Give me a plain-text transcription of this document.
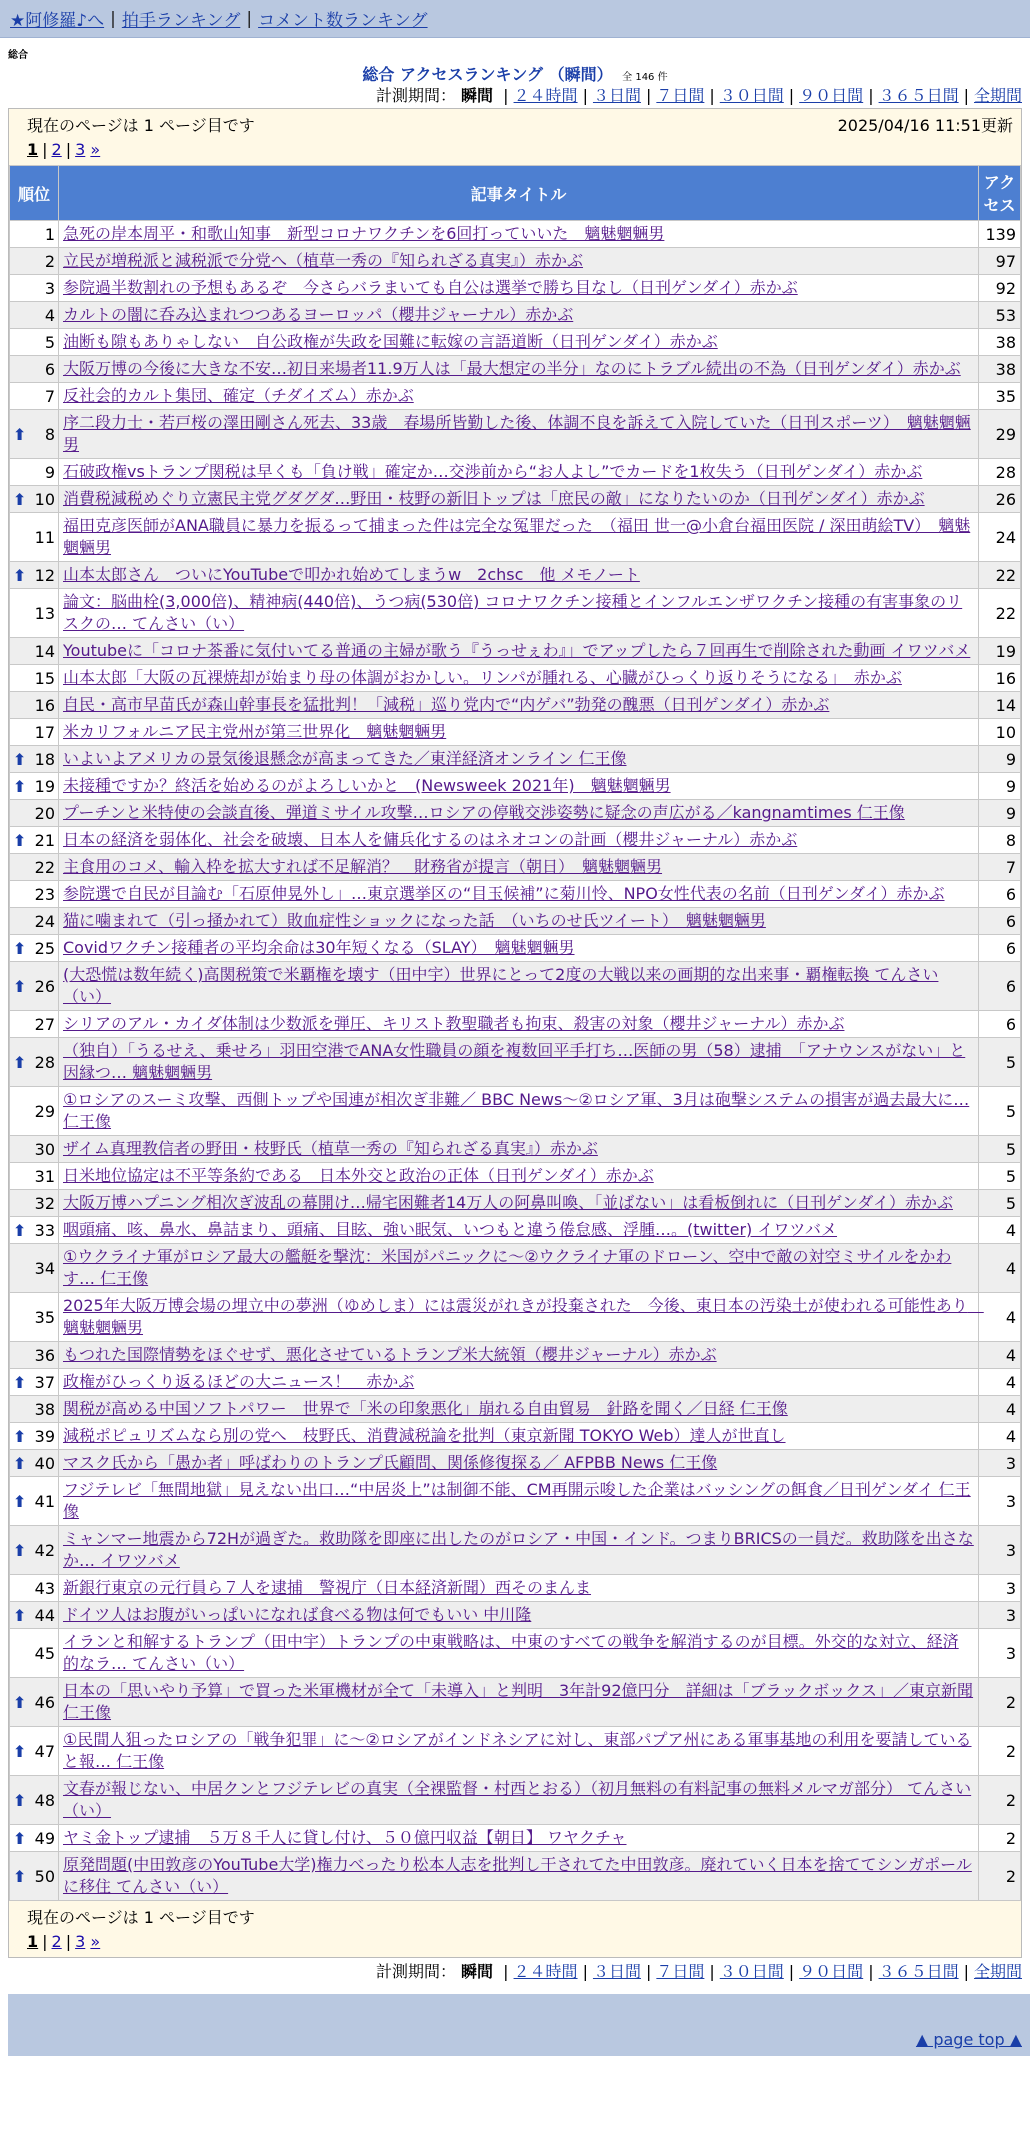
★阿修羅♪へ | 拍手ランキング | コメント数ランキング
総合
総合 アクセスランキング （瞬間） 全 146 件
計測期間： 瞬間 | ２４時間 | ３日間 | ７日間 | ３０日間 | ９０日間 | ３６５日間 | 全期間
現在のページは 1 ページ目です	2025/04/16 11:51更新
1 | 2 | 3 »
順位	記事タイトル	アクセス
1	急死の岸本周平・和歌山知事　新型コロナワクチンを6回打っていいた　魑魅魍魎男	139
2	立民が増税派と減税派で分党へ（植草一秀の『知られざる真実』）赤かぶ	97
3	参院過半数割れの予想もあるぞ　今さらバラまいても自公は選挙で勝ち目なし（日刊ゲンダイ）赤かぶ	92
4	カルトの闇に呑み込まれつつあるヨーロッパ（櫻井ジャーナル）赤かぶ	53
5	油断も隙もありゃしない　自公政権が失政を国難に転嫁の言語道断（日刊ゲンダイ）赤かぶ	38
6	大阪万博の今後に大きな不安…初日来場者11.9万人は「最大想定の半分」なのにトラブル続出の不為（日刊ゲンダイ）赤かぶ	38
7	反社会的カルト集団、確定（チダイズム）赤かぶ	35

⬆ 8	序二段力士・若戸桜の澤田剛さん死去、33歳　春場所皆勤した後、体調不良を訴えて入院していた（日刊スポーツ）　魑魅魍魎男	29
9	石破政権vsトランプ関税は早くも「負け戦」確定か…交渉前から“お人よし”でカードを1枚失う（日刊ゲンダイ）赤かぶ	28

⬆ 10	消費税減税めぐり立憲民主党グダグダ…野田・枝野の新旧トップは「庶民の敵」になりたいのか（日刊ゲンダイ）赤かぶ	26
11	福田克彦医師がANA職員に暴力を振るって捕まった件は完全な冤罪だった　（福田 世一@小倉台福田医院 / 深田萌絵TV）　魑魅魍魎男	24

⬆ 12	山本太郎さん　ついにYouTubeで叩かれ始めてしまうw　2chsc　他 メモノート	22
13	論文：脳曲栓(3,000倍)、精神病(440倍)、うつ病(530倍) コロナワクチン接種とインフルエンザワクチン接種の有害事象のリスクの… てんさい（い）	22
14	Youtubeに「コロナ茶番に気付いてる普通の主婦が歌う『うっせぇわ』」でアップしたら７回再生で削除された動画 イワツバメ	19
15	山本太郎「大阪の瓦裸焼却が始まり母の体調がおかしい。リンパが腫れる、心臓がひっくり返りそうになる」　赤かぶ	16
16	自民・高市早苗氏が森山幹事長を猛批判！「減税」巡り党内で“内ゲバ”勃発の醜悪（日刊ゲンダイ）赤かぶ	14
17	米カリフォルニア民主党州が第三世界化　魑魅魍魎男	10

⬆ 18	いよいよアメリカの景気後退懸念が高まってきた／東洋経済オンライン 仁王像	9

⬆ 19	未接種ですか？終活を始めるのがよろしいかと　(Newsweek 2021年)　魑魅魍魎男	9
20	プーチンと米特使の会談直後、弾道ミサイル攻撃…ロシアの停戦交渉姿勢に疑念の声広がる／kangnamtimes 仁王像	9

⬆ 21	日本の経済を弱体化、社会を破壊、日本人を傭兵化するのはネオコンの計画（櫻井ジャーナル）赤かぶ	8
22	主食用のコメ、輸入枠を拡大すれば不足解消？　財務省が提言（朝日）　魑魅魍魎男	7
23	参院選で自民が目論む「石原伸晃外し」…東京選挙区の“目玉候補”に菊川怜、NPO女性代表の名前（日刊ゲンダイ）赤かぶ	6
24	猫に噛まれて（引っ掻かれて）敗血症性ショックになった話　（いちのせ氏ツイート）　魑魅魍魎男	6

⬆ 25	Covidワクチン接種者の平均余命は30年短くなる（SLAY）　魑魅魍魎男	6

⬆ 26	(大恐慌は数年続く)高関税策で米覇権を壊す（田中宇）世界にとって2度の大戦以来の画期的な出来事・覇権転換 てんさい（い）	6
27	シリアのアル・カイダ体制は少数派を弾圧、キリスト教聖職者も拘束、殺害の対象（櫻井ジャーナル）赤かぶ	6

⬆ 28	（独自）「うるせえ、乗せろ」羽田空港でANA女性職員の顔を複数回平手打ち…医師の男（58）逮捕　「アナウンスがない」と因縁つ… 魑魅魍魎男	5
29	①ロシアのスーミ攻撃、西側トップや国連が相次ぎ非難／ BBC News〜②ロシア軍、3月は砲撃システムの損害が過去最大に… 仁王像	5
30	ザイム真理教信者の野田・枝野氏（植草一秀の『知られざる真実』）赤かぶ	5
31	日米地位協定は不平等条約である　日本外交と政治の正体（日刊ゲンダイ）赤かぶ	5
32	大阪万博ハプニング相次ぎ波乱の幕開け…帰宅困難者14万人の阿鼻叫喚、「並ばない」は看板倒れに（日刊ゲンダイ）赤かぶ	5

⬆ 33	咽頭痛、咳、鼻水、鼻詰まり、頭痛、目眩、強い眠気、いつもと違う倦怠感、浮腫…。(twitter) イワツバメ	4
34	①ウクライナ軍がロシア最大の艦艇を撃沈：米国がパニックに〜②ウクライナ軍のドローン、空中で敵の対空ミサイルをかわす… 仁王像	4
35	2025年大阪万博会場の埋立中の夢洲（ゆめしま）には震災がれきが投棄された　今後、東日本の汚染土が使われる可能性あり　魑魅魍魎男	4
36	もつれた国際情勢をほぐせず、悪化させているトランプ米大統領（櫻井ジャーナル）赤かぶ	4

⬆ 37	政権がひっくり返るほどの大ニュース！　赤かぶ	4
38	関税が高める中国ソフトパワー　世界で「米の印象悪化」崩れる自由貿易　針路を聞く／日経 仁王像	4

⬆ 39	減税ポピュリズムなら別の党へ　枝野氏、消費減税論を批判（東京新聞 TOKYO Web）達人が世直し	4

⬆ 40	マスク氏から「愚か者」呼ばわりのトランプ氏顧問、関係修復探る／ AFPBB News 仁王像	3

⬆ 41	フジテレビ「無間地獄」見えない出口…“中居炎上”は制御不能、CM再開示唆した企業はバッシングの餌食／日刊ゲンダイ 仁王像	3

⬆ 42	ミャンマー地震から72Hが過ぎた。救助隊を即座に出したのがロシア・中国・インド。つまりBRICSの一員だ。救助隊を出さなか… イワツバメ	3
43	新銀行東京の元行員ら７人を逮捕　警視庁（日本経済新聞）西そのまんま	3

⬆ 44	ドイツ人はお腹がいっぱいになれば食べる物は何でもいい 中川隆	3
45	イランと和解するトランプ（田中宇）トランプの中東戦略は、中東のすべての戦争を解消するのが目標。外交的な対立、経済的なラ… てんさい（い）	3

⬆ 46	日本の「思いやり予算」で買った米軍機材が全て「未導入」と判明　3年計92億円分　詳細は「ブラックボックス」／東京新聞 仁王像	2

⬆ 47	①民間人狙ったロシアの「戦争犯罪」に〜②ロシアがインドネシアに対し、東部パプア州にある軍事基地の利用を要請していると報… 仁王像	2

⬆ 48	文春が報じない、中居クンとフジテレビの真実（全裸監督・村西とおる）（初月無料の有料記事の無料メルマガ部分） てんさい（い）	2

⬆ 49	ヤミ金トップ逮捕　５万８千人に貸し付け、５０億円収益【朝日】 ワヤクチャ	2

⬆ 50	原発問題(中田敦彦のYouTube大学)権力べったり松本人志を批判し干されてた中田敦彦。廃れていく日本を捨ててシンガポールに移住 てんさい（い）	2
現在のページは 1 ページ目です
1 | 2 | 3 »
計測期間： 瞬間 | ２４時間 | ３日間 | ７日間 | ３０日間 | ９０日間 | ３６５日間 | 全期間
▲ page top ▲
